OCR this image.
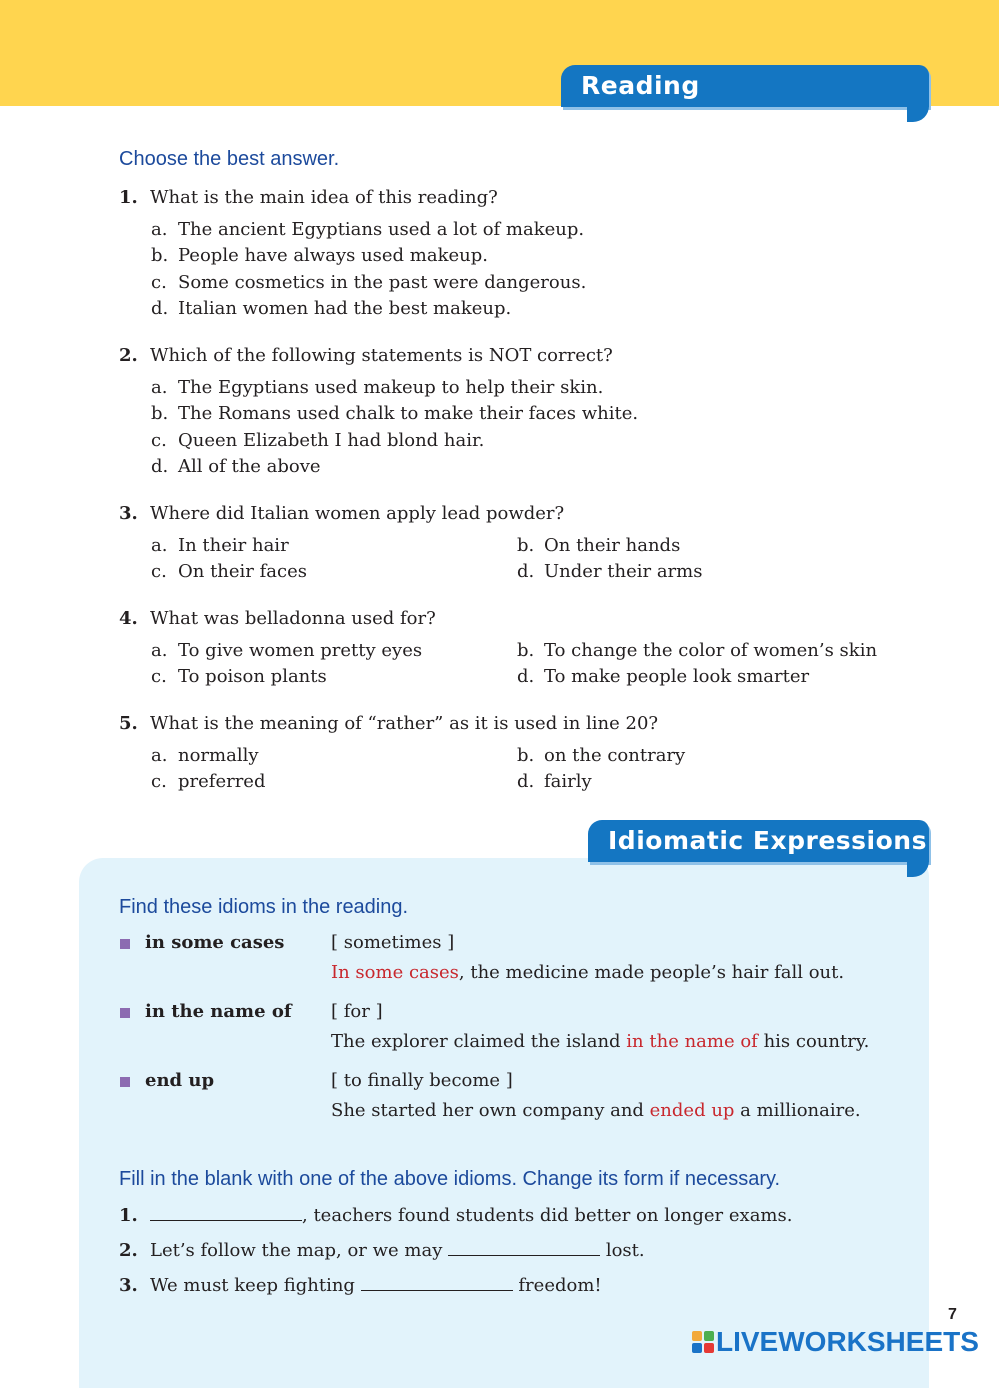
Reading Comprehension
Choose the best answer.
1. What is the main idea of this reading?
a. The ancient Egyptians used a lot of makeup.
b. People have always used makeup.
c. Some cosmetics in the past were dangerous.
d. Italian women had the best makeup.
2. Which of the following statements is NOT correct?
a. The Egyptians used makeup to help their skin.
b. The Romans used chalk to make their faces white.
c. Queen Elizabeth I had blond hair.
d. All of the above
3. Where did Italian women apply lead powder?
a. In their hair	b. On their hands
c. On their faces	d. Under their arms
4. What was belladonna used for?
a. To give women pretty eyes	b. To change the color of women’s skin
c. To poison plants	d. To make people look smarter
5. What is the meaning of “rather” as it is used in line 20?
a. normally	b. on the contrary
c. preferred	d. fairly
Idiomatic Expressions
Find these idioms in the reading.
in some cases	[ sometimes ]
In some cases, the medicine made people’s hair fall out.
in the name of [ for ]
The explorer claimed the island in the name of his country.
end up	[ to finally become ]
She started her own company and ended up a millionaire.
Fill in the blank with one of the above idioms. Change its form if necessary.
1.	, teachers found students did better on longer exams.
2. Let’s follow the map, or we may	lost.
3. We must keep fighting	freedom!
7
LIVEWORKSHEETS
